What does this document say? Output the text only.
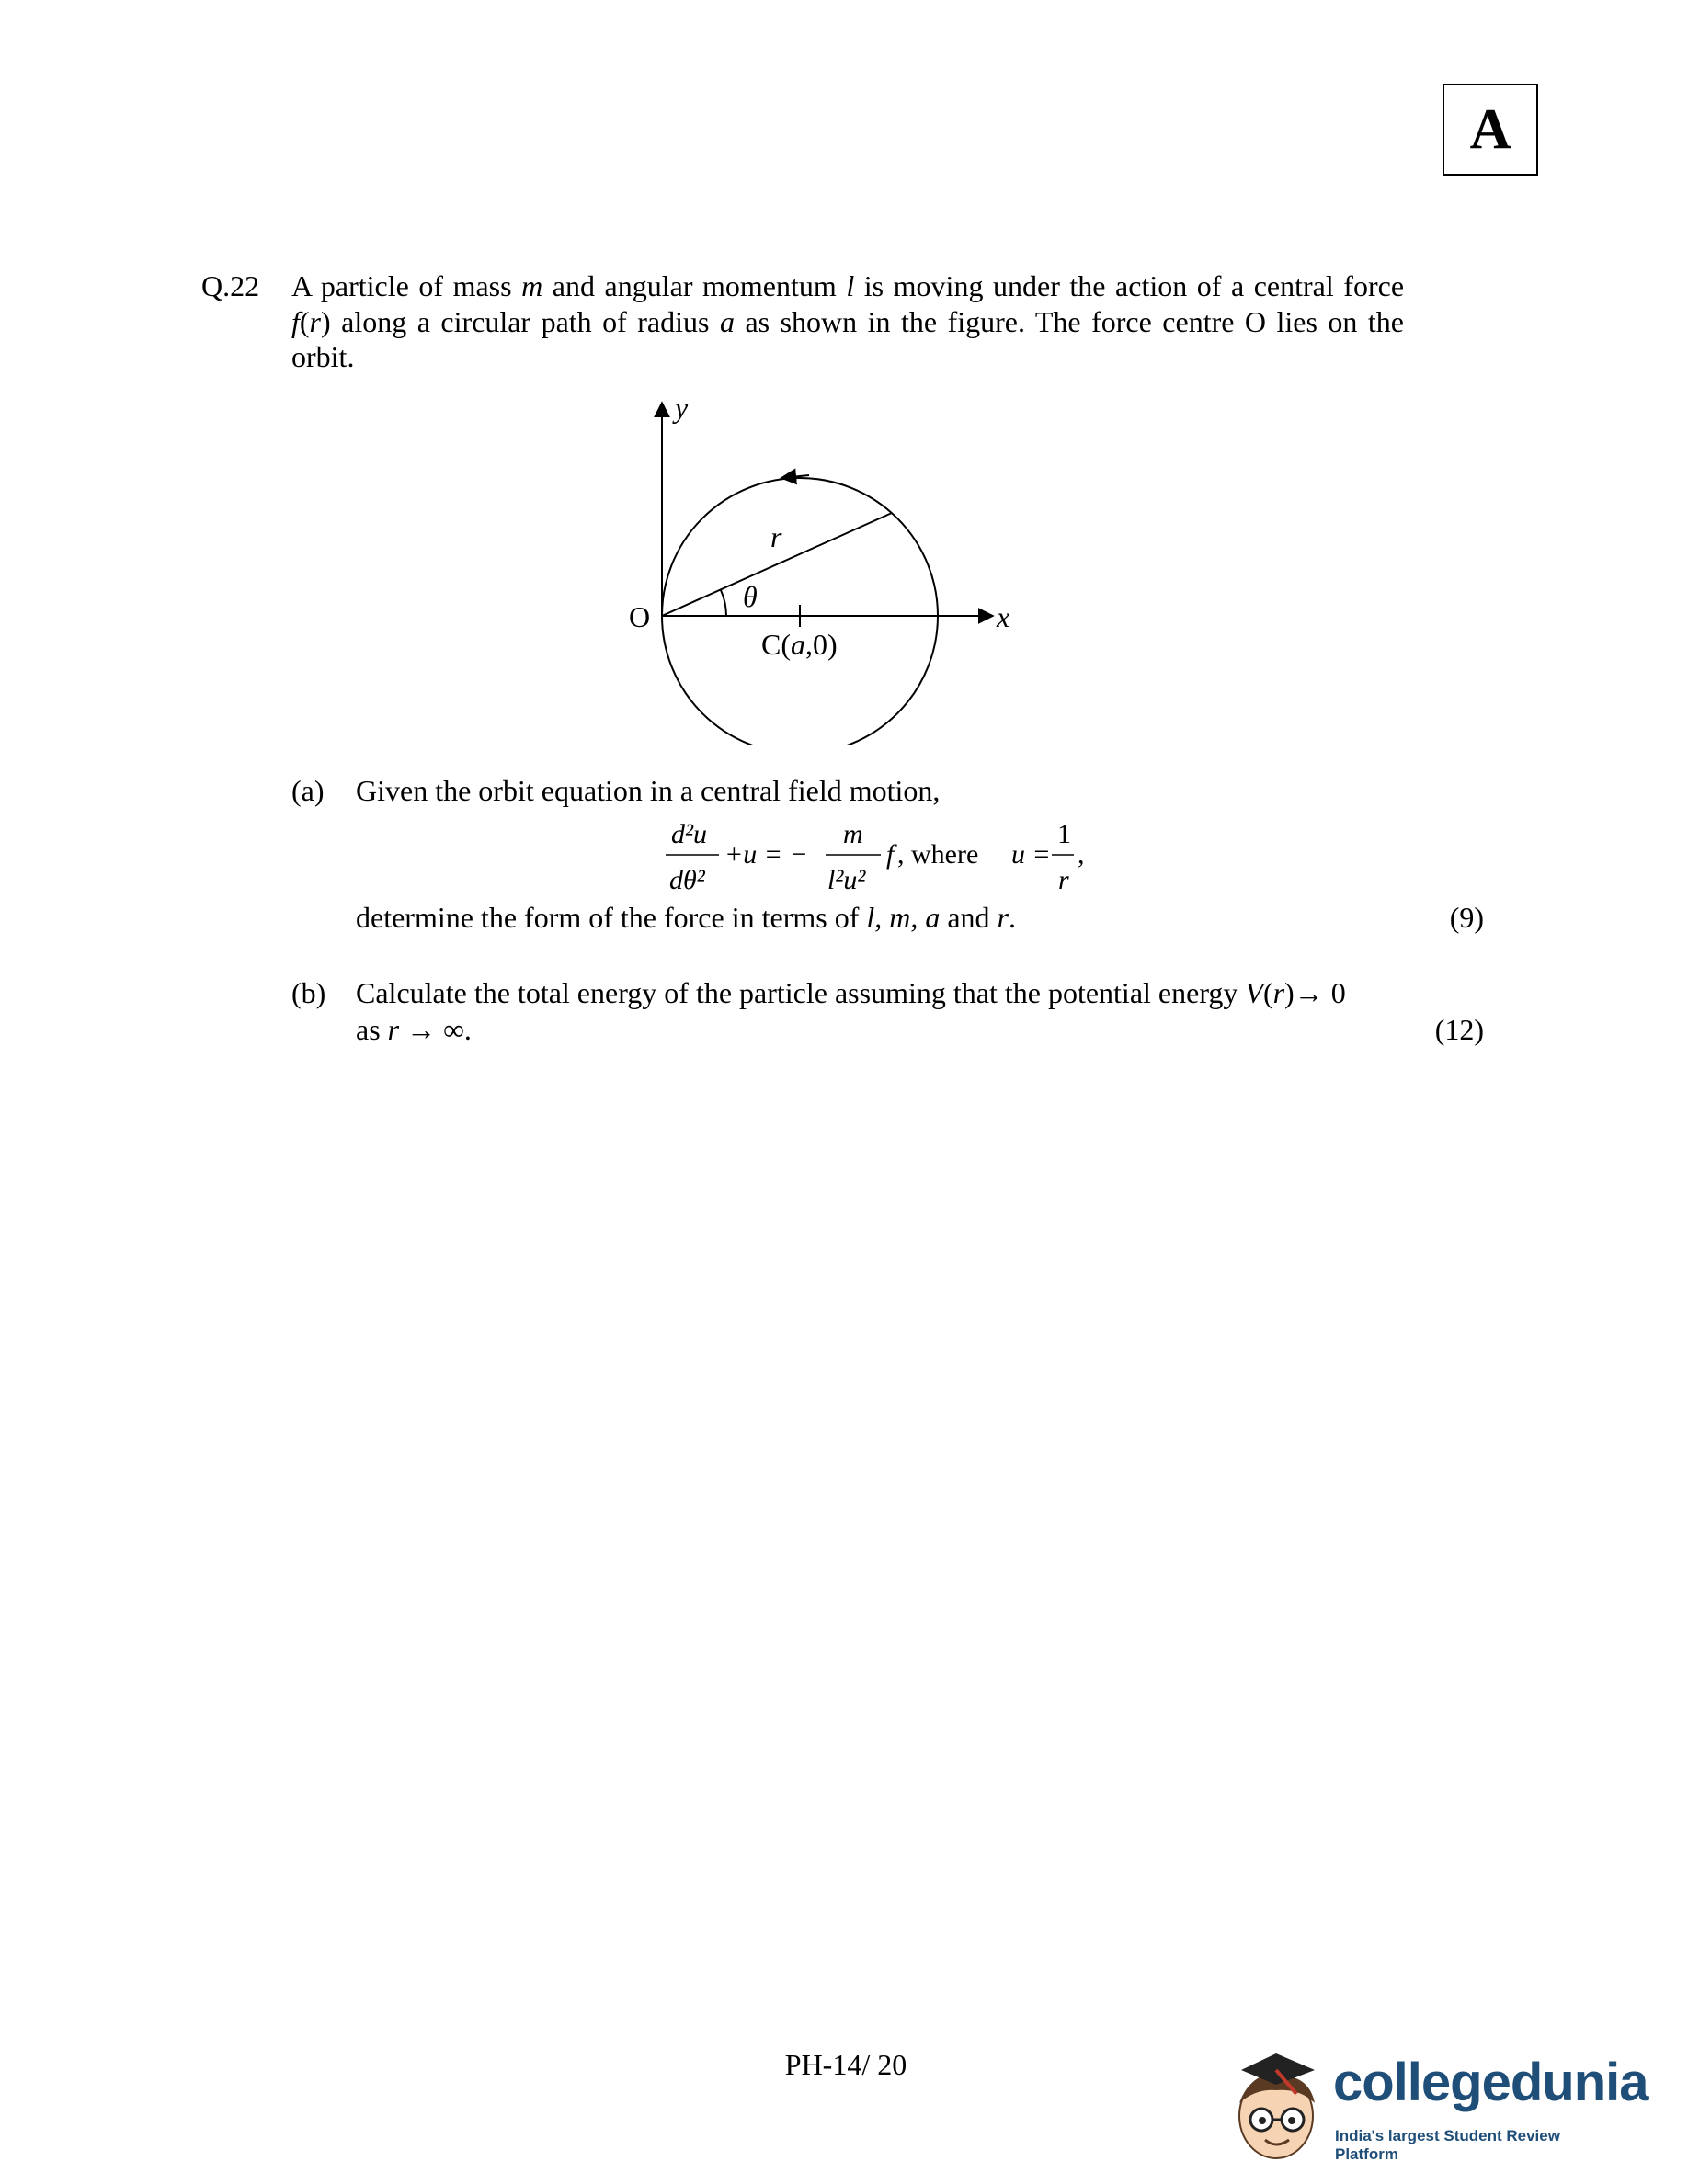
A
Q.22 A particle of mass m and angular momentum l is moving under the action of a central force f(r) along a circular path of radius a as shown in the figure. The force centre O lies on the orbit.
y
x
O
r
θ
C(a,0)
(a) Given the orbit equation in a central field motion,
d²u
dθ²
+u = −
m
l²u²
f , where u =
1
r
,
determine the form of the force in terms of l, m, a and r.	(9)
(b) Calculate the total energy of the particle assuming that the potential energy V(r)→ 0
as r → ∞.	(12)
PH-14/ 20	collegedunia
India's largest Student Review Platform
